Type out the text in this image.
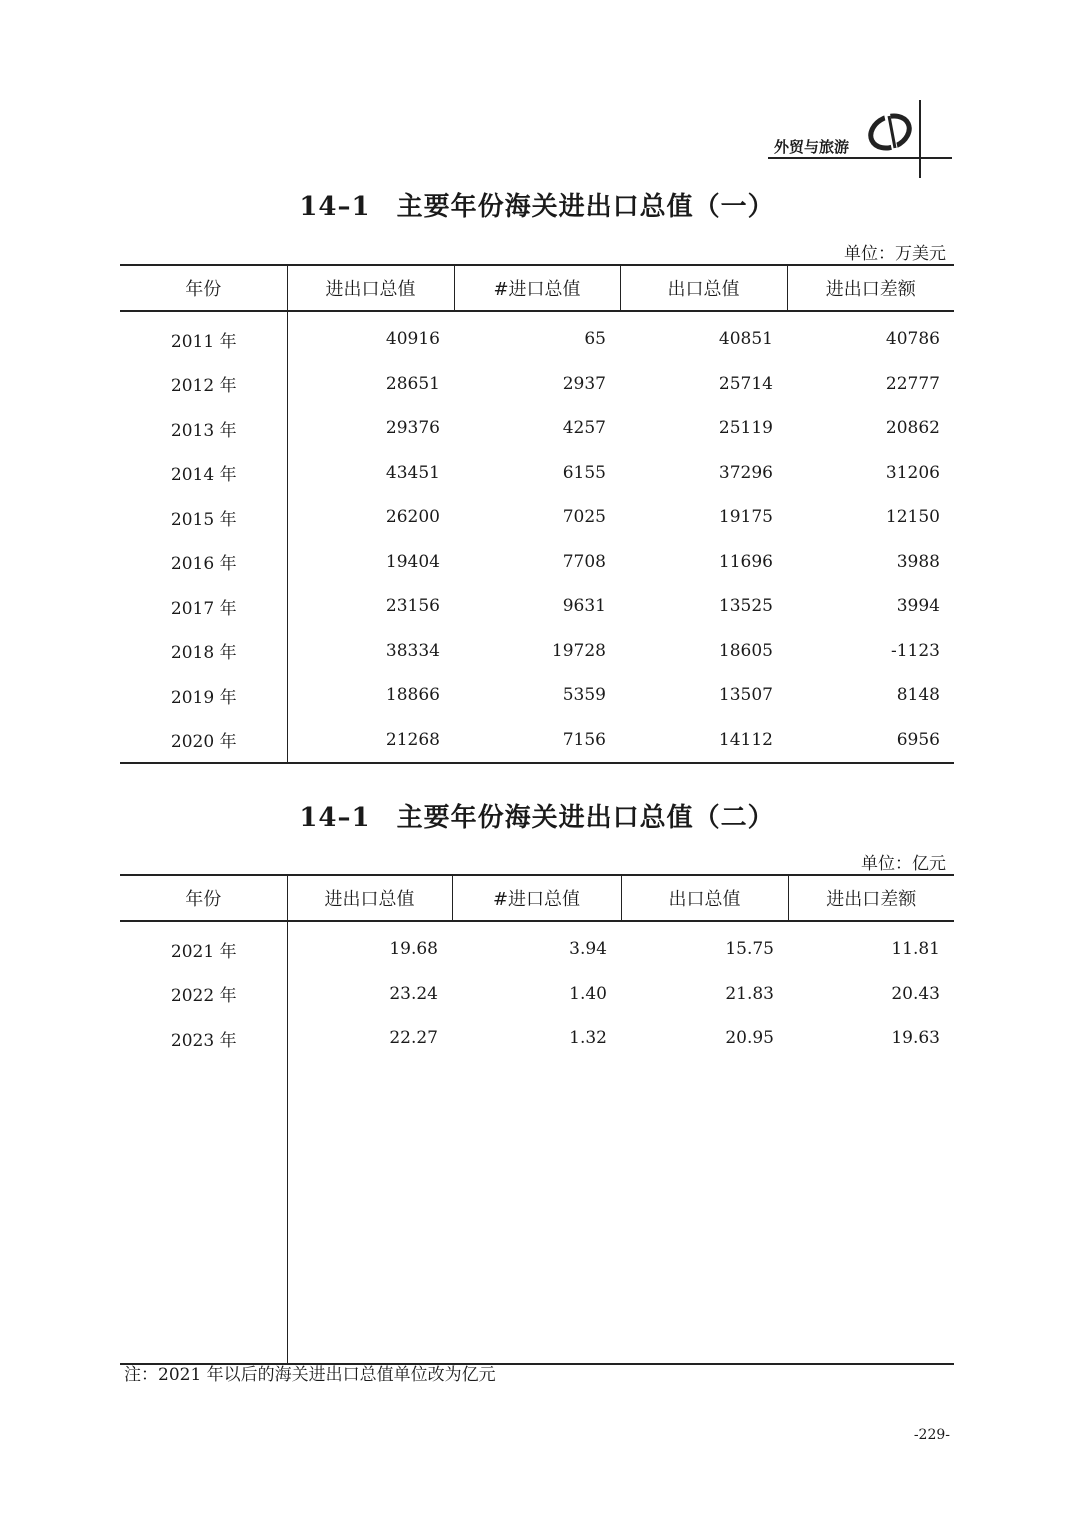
外贸与旅游
14–1 主要年份海关进出口总值（一）
单位：万美元
年份	进出口总值	#进口总值	出口总值	进出口差额
2011 年	40916	65	40851	40786
2012 年	28651	2937	25714	22777
2013 年	29376	4257	25119	20862
2014 年	43451	6155	37296	31206
2015 年	26200	7025	19175	12150
2016 年	19404	7708	11696	3988
2017 年	23156	9631	13525	3994
2018 年	38334	19728	18605	-1123
2019 年	18866	5359	13507	8148
2020 年	21268	7156	14112	6956
14–1 主要年份海关进出口总值（二）
单位：亿元
年份	进出口总值	#进口总值	出口总值	进出口差额
2021 年	19.68	3.94	15.75	11.81
2022 年	23.24	1.40	21.83	20.43
2023 年	22.27	1.32	20.95	19.63

注：2021 年以后的海关进出口总值单位改为亿元
-229-
